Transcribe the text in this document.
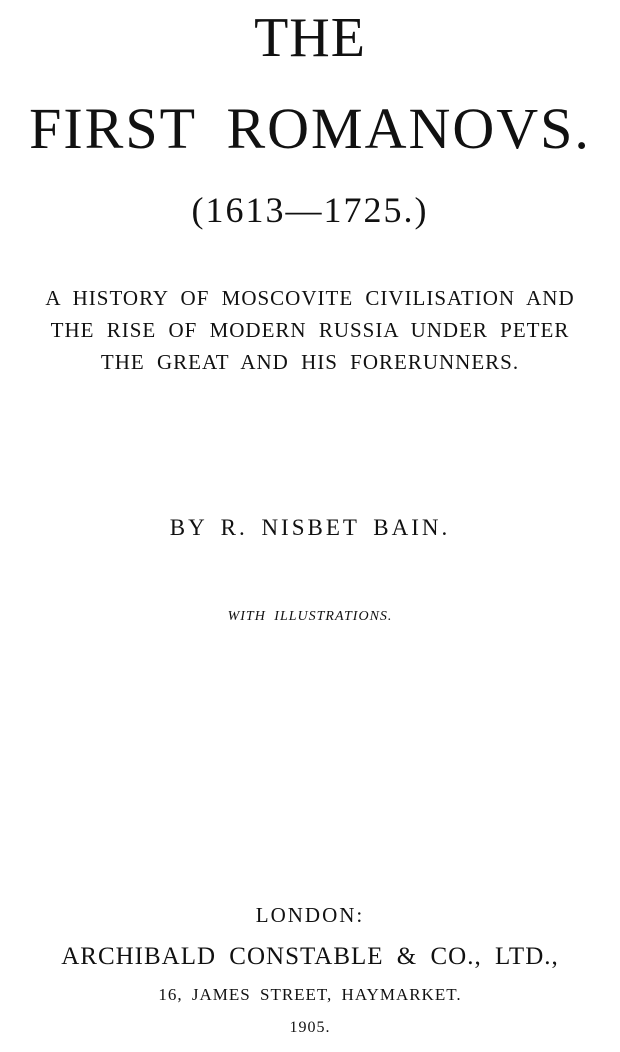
THE
FIRST ROMANOVS.
(1613—1725.)
A HISTORY OF MOSCOVITE CIVILISATION AND
THE RISE OF MODERN RUSSIA UNDER PETER
THE GREAT AND HIS FORERUNNERS.
BY R. NISBET BAIN.
WITH ILLUSTRATIONS.
LONDON:
ARCHIBALD CONSTABLE & CO., LTD.,
16, JAMES STREET, HAYMARKET.
1905.
